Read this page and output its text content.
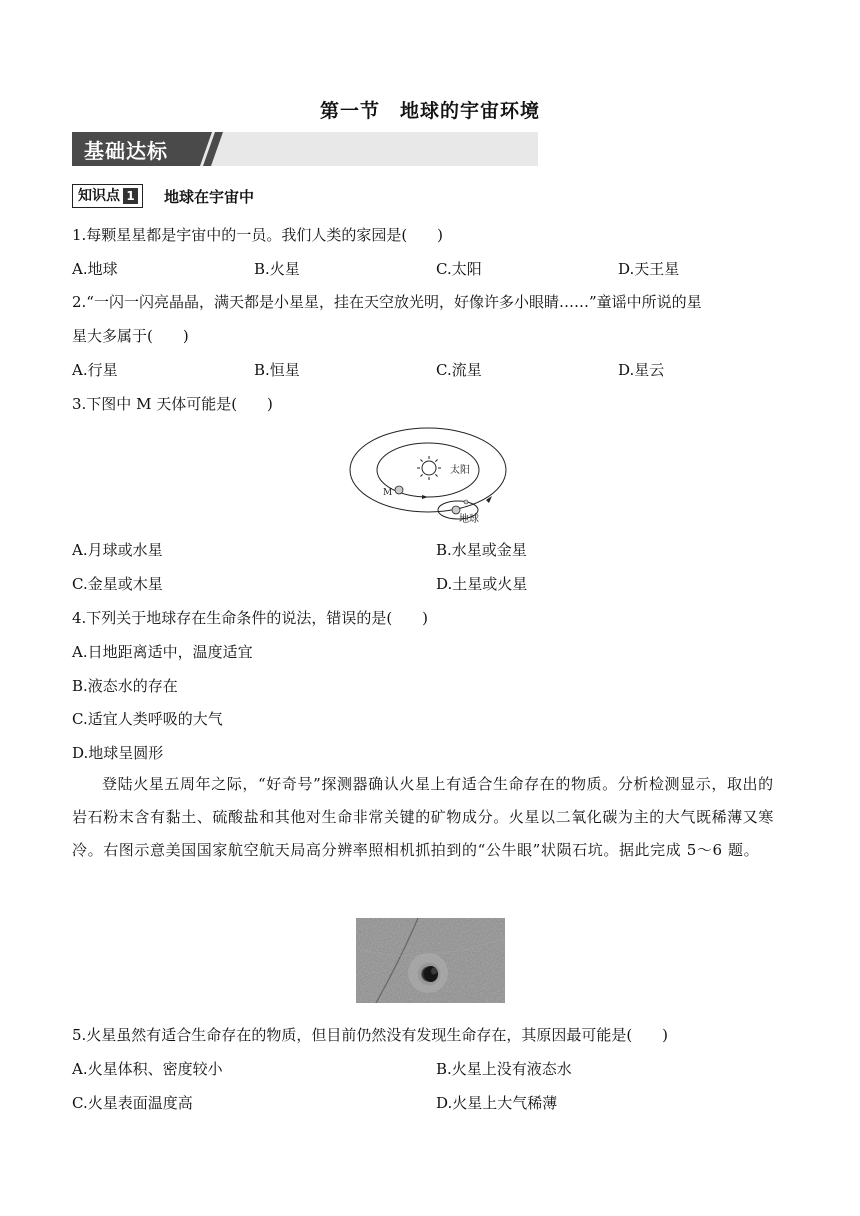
第一节　地球的宇宙环境
基础达标
知识点 1 地球在宇宙中
1.每颗星星都是宇宙中的一员。我们人类的家园是(　　)
A.地球	B.火星	C.太阳	D.天王星
2.“一闪一闪亮晶晶，满天都是小星星，挂在天空放光明，好像许多小眼睛……”童谣中所说的星
星大多属于(　　)
A.行星	B.恒星	C.流星	D.星云
3.下图中 M 天体可能是(　　)
太阳
M
地球
A.月球或水星	B.水星或金星
C.金星或木星	D.土星或火星
4.下列关于地球存在生命条件的说法，错误的是(　　)
A.日地距离适中，温度适宜
B.液态水的存在
C.适宜人类呼吸的大气
D.地球呈圆形
登陆火星五周年之际，“好奇号”探测器确认火星上有适合生命存在的物质。分析检测显示，取出的岩石粉末含有黏土、硫酸盐和其他对生命非常关键的矿物成分。火星以二氧化碳为主的大气既稀薄又寒冷。右图示意美国国家航空航天局高分辨率照相机抓拍到的“公牛眼”状陨石坑。据此完成 5～6 题。
5.火星虽然有适合生命存在的物质，但目前仍然没有发现生命存在，其原因最可能是(　　)
A.火星体积、密度较小	B.火星上没有液态水
C.火星表面温度高	D.火星上大气稀薄
